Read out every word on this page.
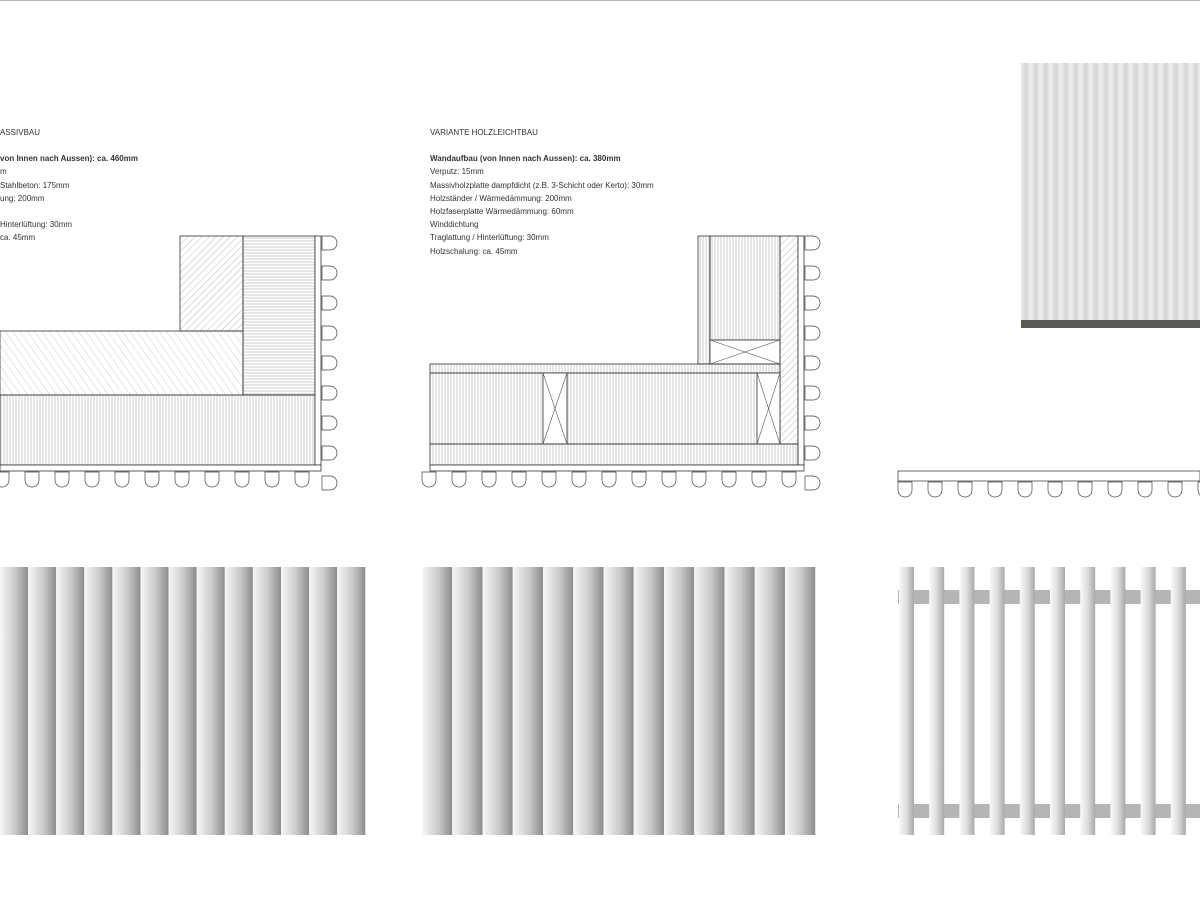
ASSIVBAU
von Innen nach Aussen): ca. 460mm
m
Stahlbeton: 175mm
ung: 200mm
Hinterlüftung: 30mm
ca. 45mm
VARIANTE HOLZLEICHTBAU
Wandaufbau (von Innen nach Aussen): ca. 380mm
Verputz: 15mm
Massivholzplatte dampfdicht (z.B. 3-Schicht oder Kerto): 30mm
Holzständer / Wärmedämmung: 200mm
Holzfaserplatte Wärmedämmung: 60mm
Winddichtung
Traglattung / Hinterlüftung: 30mm
Holzschalung: ca. 45mm
